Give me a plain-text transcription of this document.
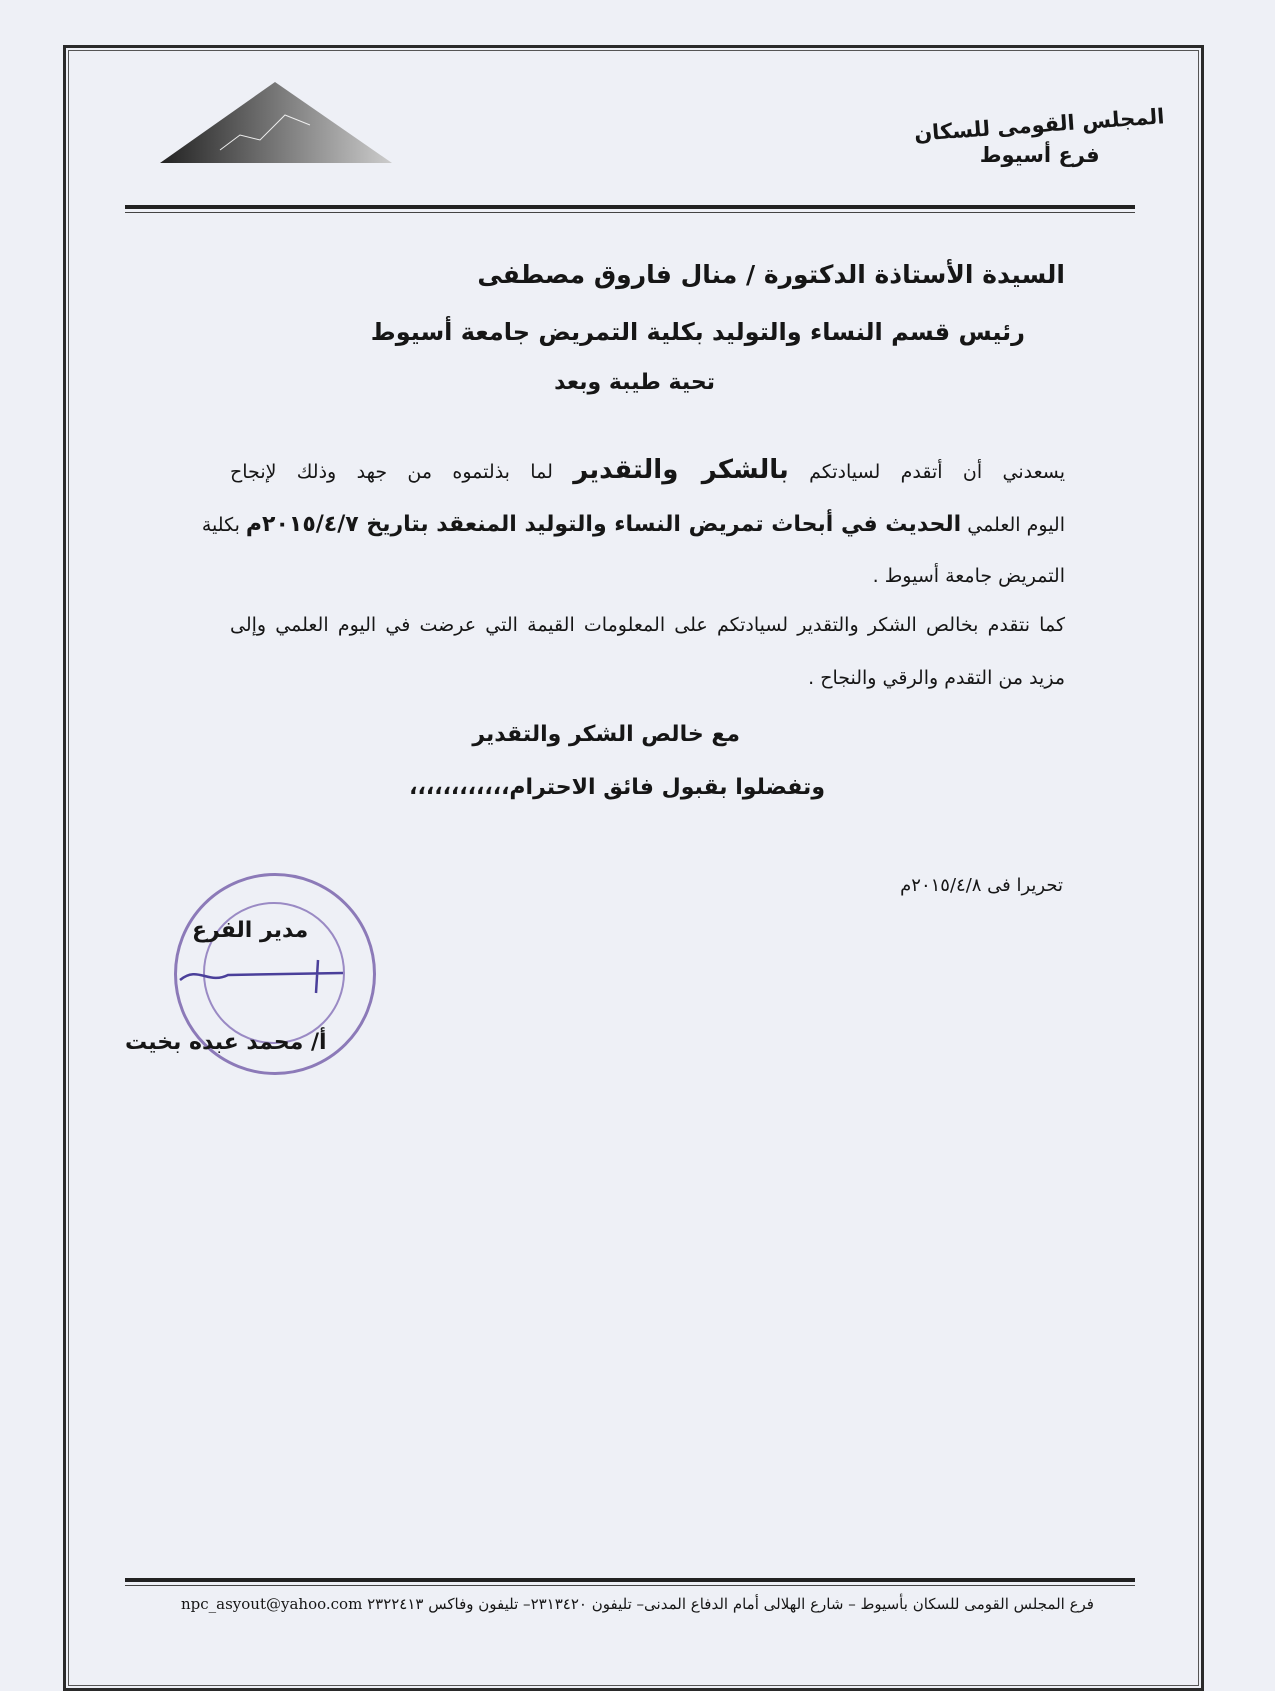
المجلس القومى للسكان
فرع أسيوط
السيدة الأستاذة الدكتورة / منال فاروق مصطفى
رئيس قسم النساء والتوليد بكلية التمريض جامعة أسيوط
تحية طيبة وبعد
يسعدني أن أتقدم لسيادتكم بالشكر والتقدير لما بذلتموه من جهد وذلك لإنجاح
اليوم العلمي الحديث في أبحاث تمريض النساء والتوليد المنعقد بتاريخ ٢٠١٥/٤/٧م بكلية
التمريض جامعة أسيوط .
كما نتقدم بخالص الشكر والتقدير لسيادتكم على المعلومات القيمة التي عرضت في اليوم العلمي وإلى
مزيد من التقدم والرقي والنجاح .
مع خالص الشكر والتقدير
وتفضلوا بقبول فائق الاحترام،،،،،،،،،،،،
تحريرا فى ٢٠١٥/٤/٨م
مدير الفرع
أ/ محمد عبده بخيت
فرع المجلس القومى للسكان بأسيوط – شارع الهلالى أمام الدفاع المدنى– تليفون ٢٣١٣٤٢٠– تليفون وفاكس ٢٣٢٢٤١٣ npc_asyout@yahoo.com
